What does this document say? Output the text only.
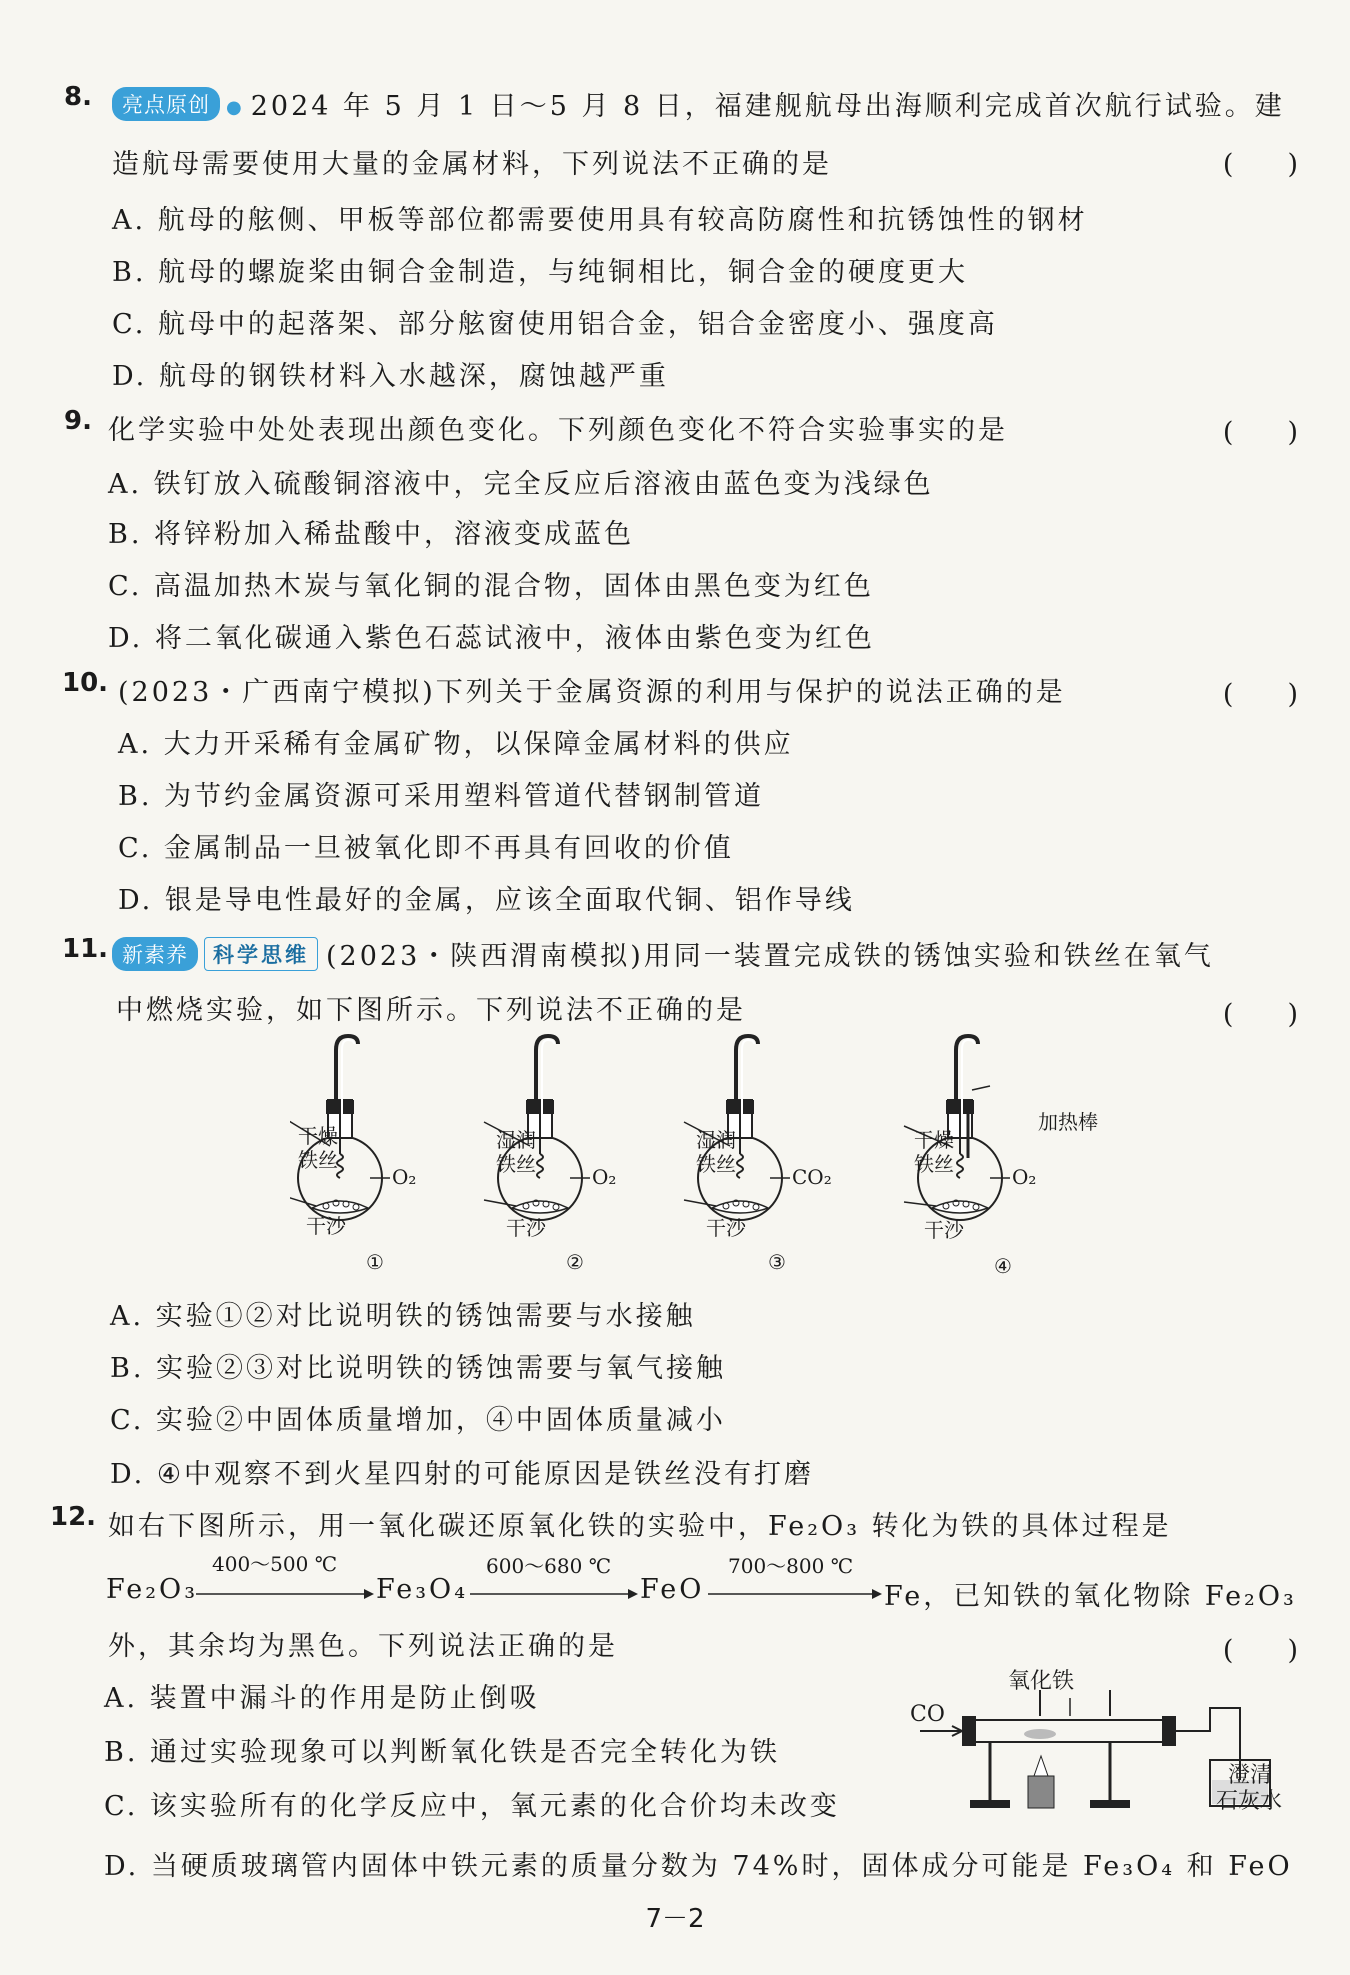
8.	亮点原创 ● 2024 年 5 月 1 日～5 月 8 日，福建舰航母出海顺利完成首次航行试验。建
造航母需要使用大量的金属材料，下列说法不正确的是	(　　)
A. 航母的舷侧、甲板等部位都需要使用具有较高防腐性和抗锈蚀性的钢材
B. 航母的螺旋桨由铜合金制造，与纯铜相比，铜合金的硬度更大
C. 航母中的起落架、部分舷窗使用铝合金，铝合金密度小、强度高
D. 航母的钢铁材料入水越深，腐蚀越严重
9. 化学实验中处处表现出颜色变化。下列颜色变化不符合实验事实的是	(　　)
A. 铁钉放入硫酸铜溶液中，完全反应后溶液由蓝色变为浅绿色
B. 将锌粉加入稀盐酸中，溶液变成蓝色
C. 高温加热木炭与氧化铜的混合物，固体由黑色变为红色
D. 将二氧化碳通入紫色石蕊试液中，液体由紫色变为红色
10. (2023・广西南宁模拟)下列关于金属资源的利用与保护的说法正确的是	(　　)
A. 大力开采稀有金属矿物，以保障金属材料的供应
B. 为节约金属资源可采用塑料管道代替钢制管道
C. 金属制品一旦被氧化即不再具有回收的价值
D. 银是导电性最好的金属，应该全面取代铜、铝作导线
11. 新素养 科学思维 (2023・陕西渭南模拟)用同一装置完成铁的锈蚀实验和铁丝在氧气
中燃烧实验，如下图所示。下列说法不正确的是	(　　)
干燥
铁丝
O₂
干沙
①
湿润
铁丝
O₂
干沙
②
湿润
铁丝
CO₂
干沙
③
干燥
铁丝
加热棒
O₂
干沙
④
A. 实验①②对比说明铁的锈蚀需要与水接触
B. 实验②③对比说明铁的锈蚀需要与氧气接触
C. 实验②中固体质量增加，④中固体质量减小
D. ④中观察不到火星四射的可能原因是铁丝没有打磨
12. 如右下图所示，用一氧化碳还原氧化铁的实验中，Fe₂O₃ 转化为铁的具体过程是
Fe₂O₃
400～500 ℃
Fe₃O₄
600～680 ℃
FeO
700～800 ℃
Fe，已知铁的氧化物除 Fe₂O₃
外，其余均为黑色。下列说法正确的是	(　　)
A. 装置中漏斗的作用是防止倒吸
B. 通过实验现象可以判断氧化铁是否完全转化为铁
C. 该实验所有的化学反应中，氧元素的化合价均未改变
D. 当硬质玻璃管内固体中铁元素的质量分数为 74%时，固体成分可能是 Fe₃O₄ 和 FeO
CO
氧化铁
澄清
石灰水
7－2
